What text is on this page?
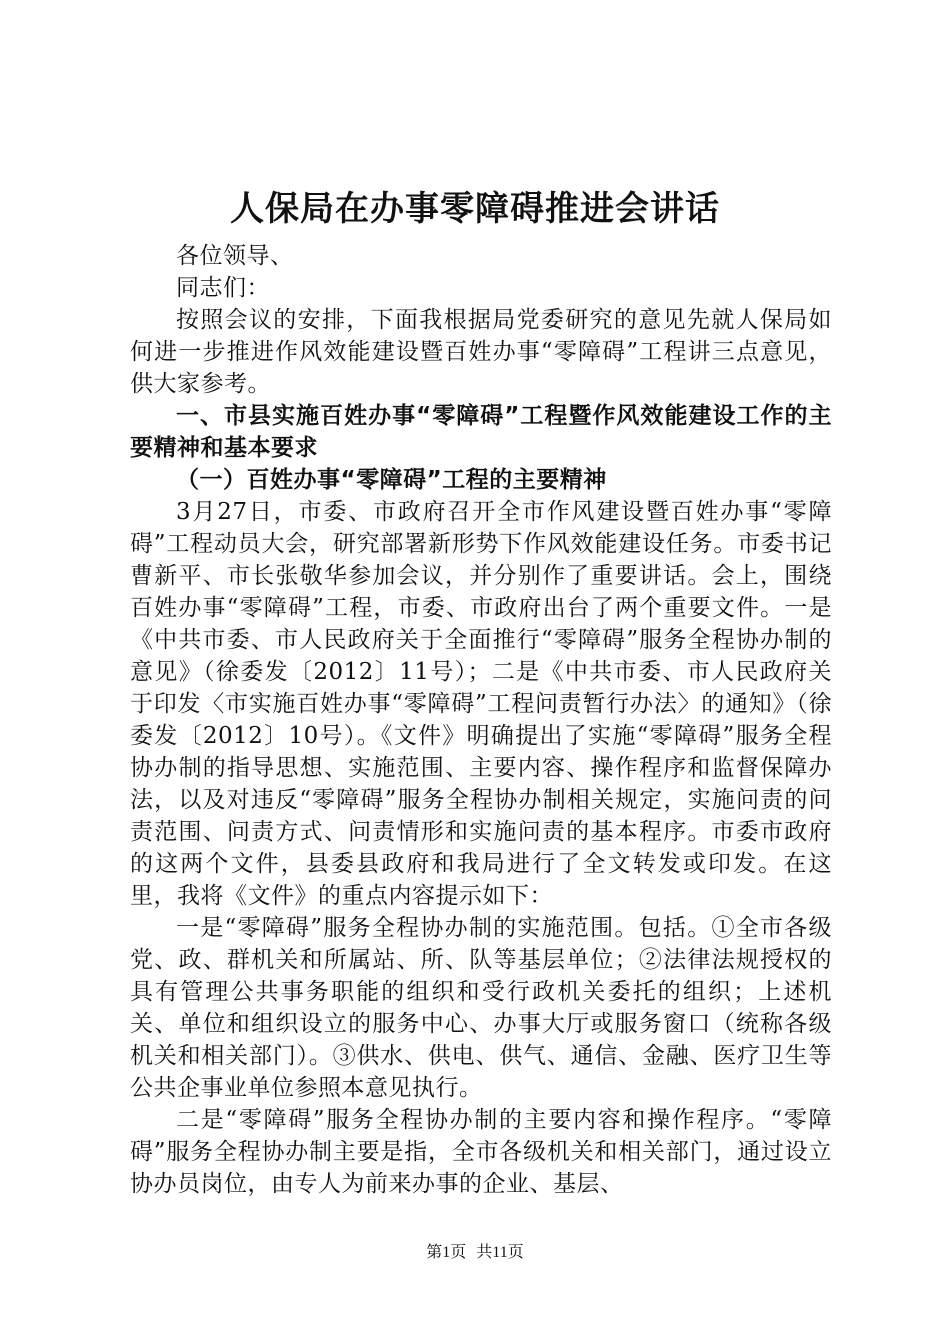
人保局在办事零障碍推进会讲话

各位领导、

同志们：

按照会议的安排，下面我根据局党委研究的意见先就人保局如何进一步推进作风效能建设暨百姓办事“零障碍”工程讲三点意见，供大家参考。

一、市县实施百姓办事“零障碍”工程暨作风效能建设工作的主要精神和基本要求

（一）百姓办事“零障碍”工程的主要精神

3月27日，市委、市政府召开全市作风建设暨百姓办事“零障碍”工程动员大会，研究部署新形势下作风效能建设任务。市委书记曹新平、市长张敬华参加会议，并分别作了重要讲话。会上，围绕百姓办事“零障碍”工程，市委、市政府出台了两个重要文件。一是《中共市委、市人民政府关于全面推行“零障碍”服务全程协办制的意见》（徐委发〔2012〕11号）；二是《中共市委、市人民政府关于印发〈市实施百姓办事“零障碍”工程问责暂行办法〉的通知》（徐委发〔2012〕10号）。《文件》明确提出了实施“零障碍”服务全程协办制的指导思想、实施范围、主要内容、操作程序和监督保障办法，以及对违反“零障碍”服务全程协办制相关规定，实施问责的问责范围、问责方式、问责情形和实施问责的基本程序。市委市政府的这两个文件，县委县政府和我局进行了全文转发或印发。在这里，我将《文件》的重点内容提示如下：

一是“零障碍”服务全程协办制的实施范围。包括。①全市各级党、政、群机关和所属站、所、队等基层单位；②法律法规授权的具有管理公共事务职能的组织和受行政机关委托的组织；上述机关、单位和组织设立的服务中心、办事大厅或服务窗口（统称各级机关和相关部门）。③供水、供电、供气、通信、金融、医疗卫生等公共企事业单位参照本意见执行。

二是“零障碍”服务全程协办制的主要内容和操作程序。“零障碍”服务全程协办制主要是指，全市各级机关和相关部门，通过设立协办员岗位，由专人为前来办事的企业、基层、

第1页 共11页
